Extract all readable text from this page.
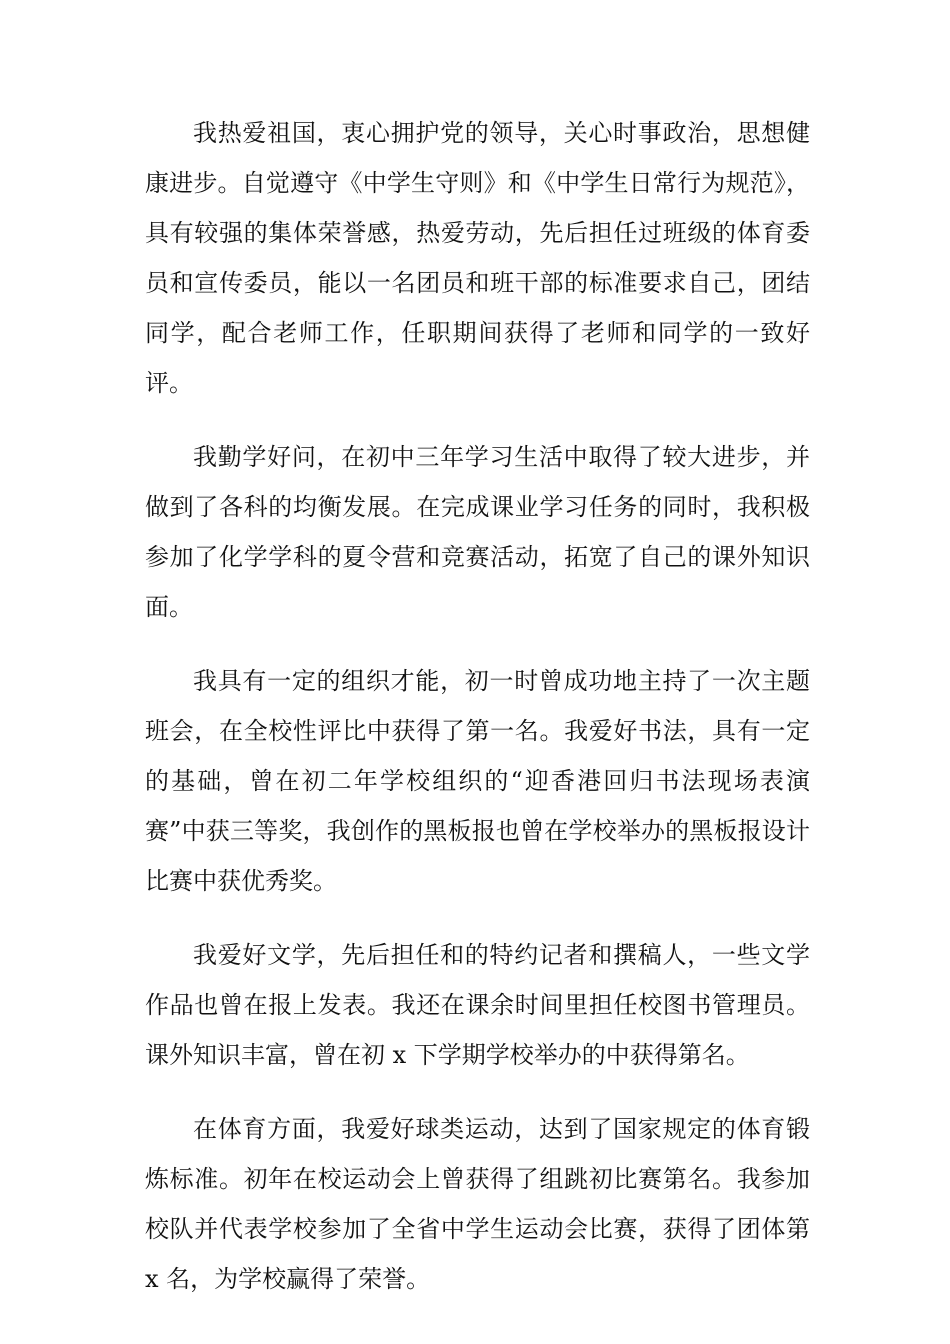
我热爱祖国，衷心拥护党的领导，关心时事政治，思想健康进步。自觉遵守《中学生守则》和《中学生日常行为规范》，具有较强的集体荣誉感，热爱劳动，先后担任过班级的体育委员和宣传委员，能以一名团员和班干部的标准要求自己，团结同学，配合老师工作，任职期间获得了老师和同学的一致好评。

我勤学好问，在初中三年学习生活中取得了较大进步，并做到了各科的均衡发展。在完成课业学习任务的同时，我积极参加了化学学科的夏令营和竞赛活动，拓宽了自己的课外知识面。

我具有一定的组织才能，初一时曾成功地主持了一次主题班会，在全校性评比中获得了第一名。我爱好书法，具有一定的基础，曾在初二年学校组织的“迎香港回归书法现场表演赛”中获三等奖，我创作的黑板报也曾在学校举办的黑板报设计比赛中获优秀奖。

我爱好文学，先后担任和的特约记者和撰稿人，一些文学作品也曾在报上发表。我还在课余时间里担任校图书管理员。课外知识丰富，曾在初 x 下学期学校举办的中获得第名。

在体育方面，我爱好球类运动，达到了国家规定的体育锻炼标准。初年在校运动会上曾获得了组跳初比赛第名。我参加校队并代表学校参加了全省中学生运动会比赛，获得了团体第 x 名，为学校赢得了荣誉。
